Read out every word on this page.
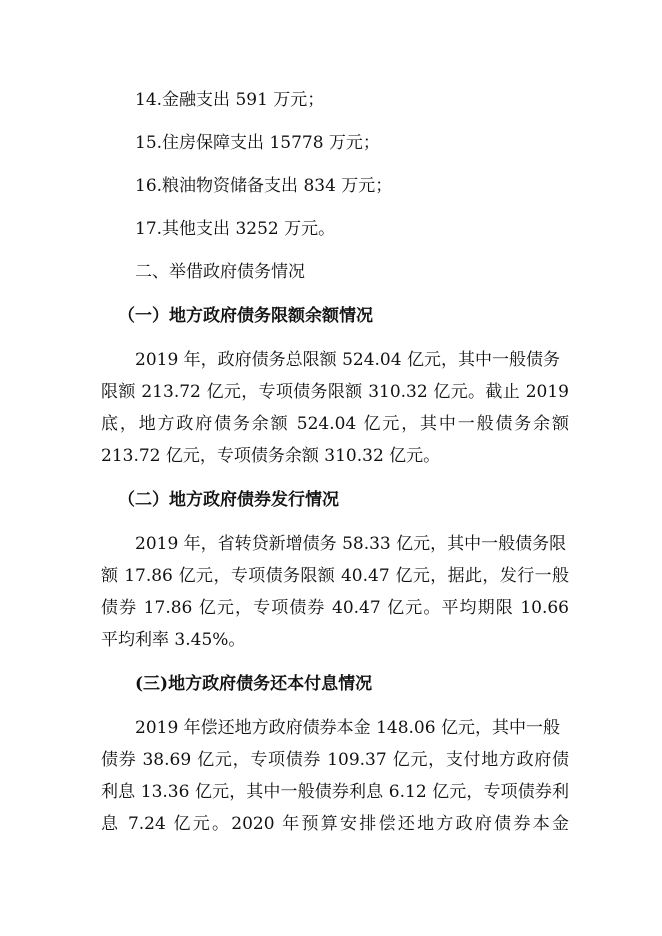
14.金融支出 591 万元；
15.住房保障支出 15778 万元；
16.粮油物资储备支出 834 万元；
17.其他支出 3252 万元。
二、举借政府债务情况
（一）地方政府债务限额余额情况
2019 年，政府债务总限额 524.04 亿元，其中一般债务
限额 213.72 亿元，专项债务限额 310.32 亿元。截止 2019
底，地方政府债务余额 524.04 亿元，其中一般债务余额
213.72 亿元，专项债务余额 310.32 亿元。
（二）地方政府债券发行情况
2019 年，省转贷新增债务 58.33 亿元，其中一般债务限
额 17.86 亿元，专项债务限额 40.47 亿元，据此，发行一般
债券 17.86 亿元，专项债券 40.47 亿元。平均期限 10.66
平均利率 3.45%。
(三)地方政府债务还本付息情况
2019 年偿还地方政府债券本金 148.06 亿元，其中一般
债券 38.69 亿元，专项债券 109.37 亿元，支付地方政府债
利息 13.36 亿元，其中一般债券利息 6.12 亿元，专项债券利
息 7.24 亿元。2020 年预算安排偿还地方政府债券本金
